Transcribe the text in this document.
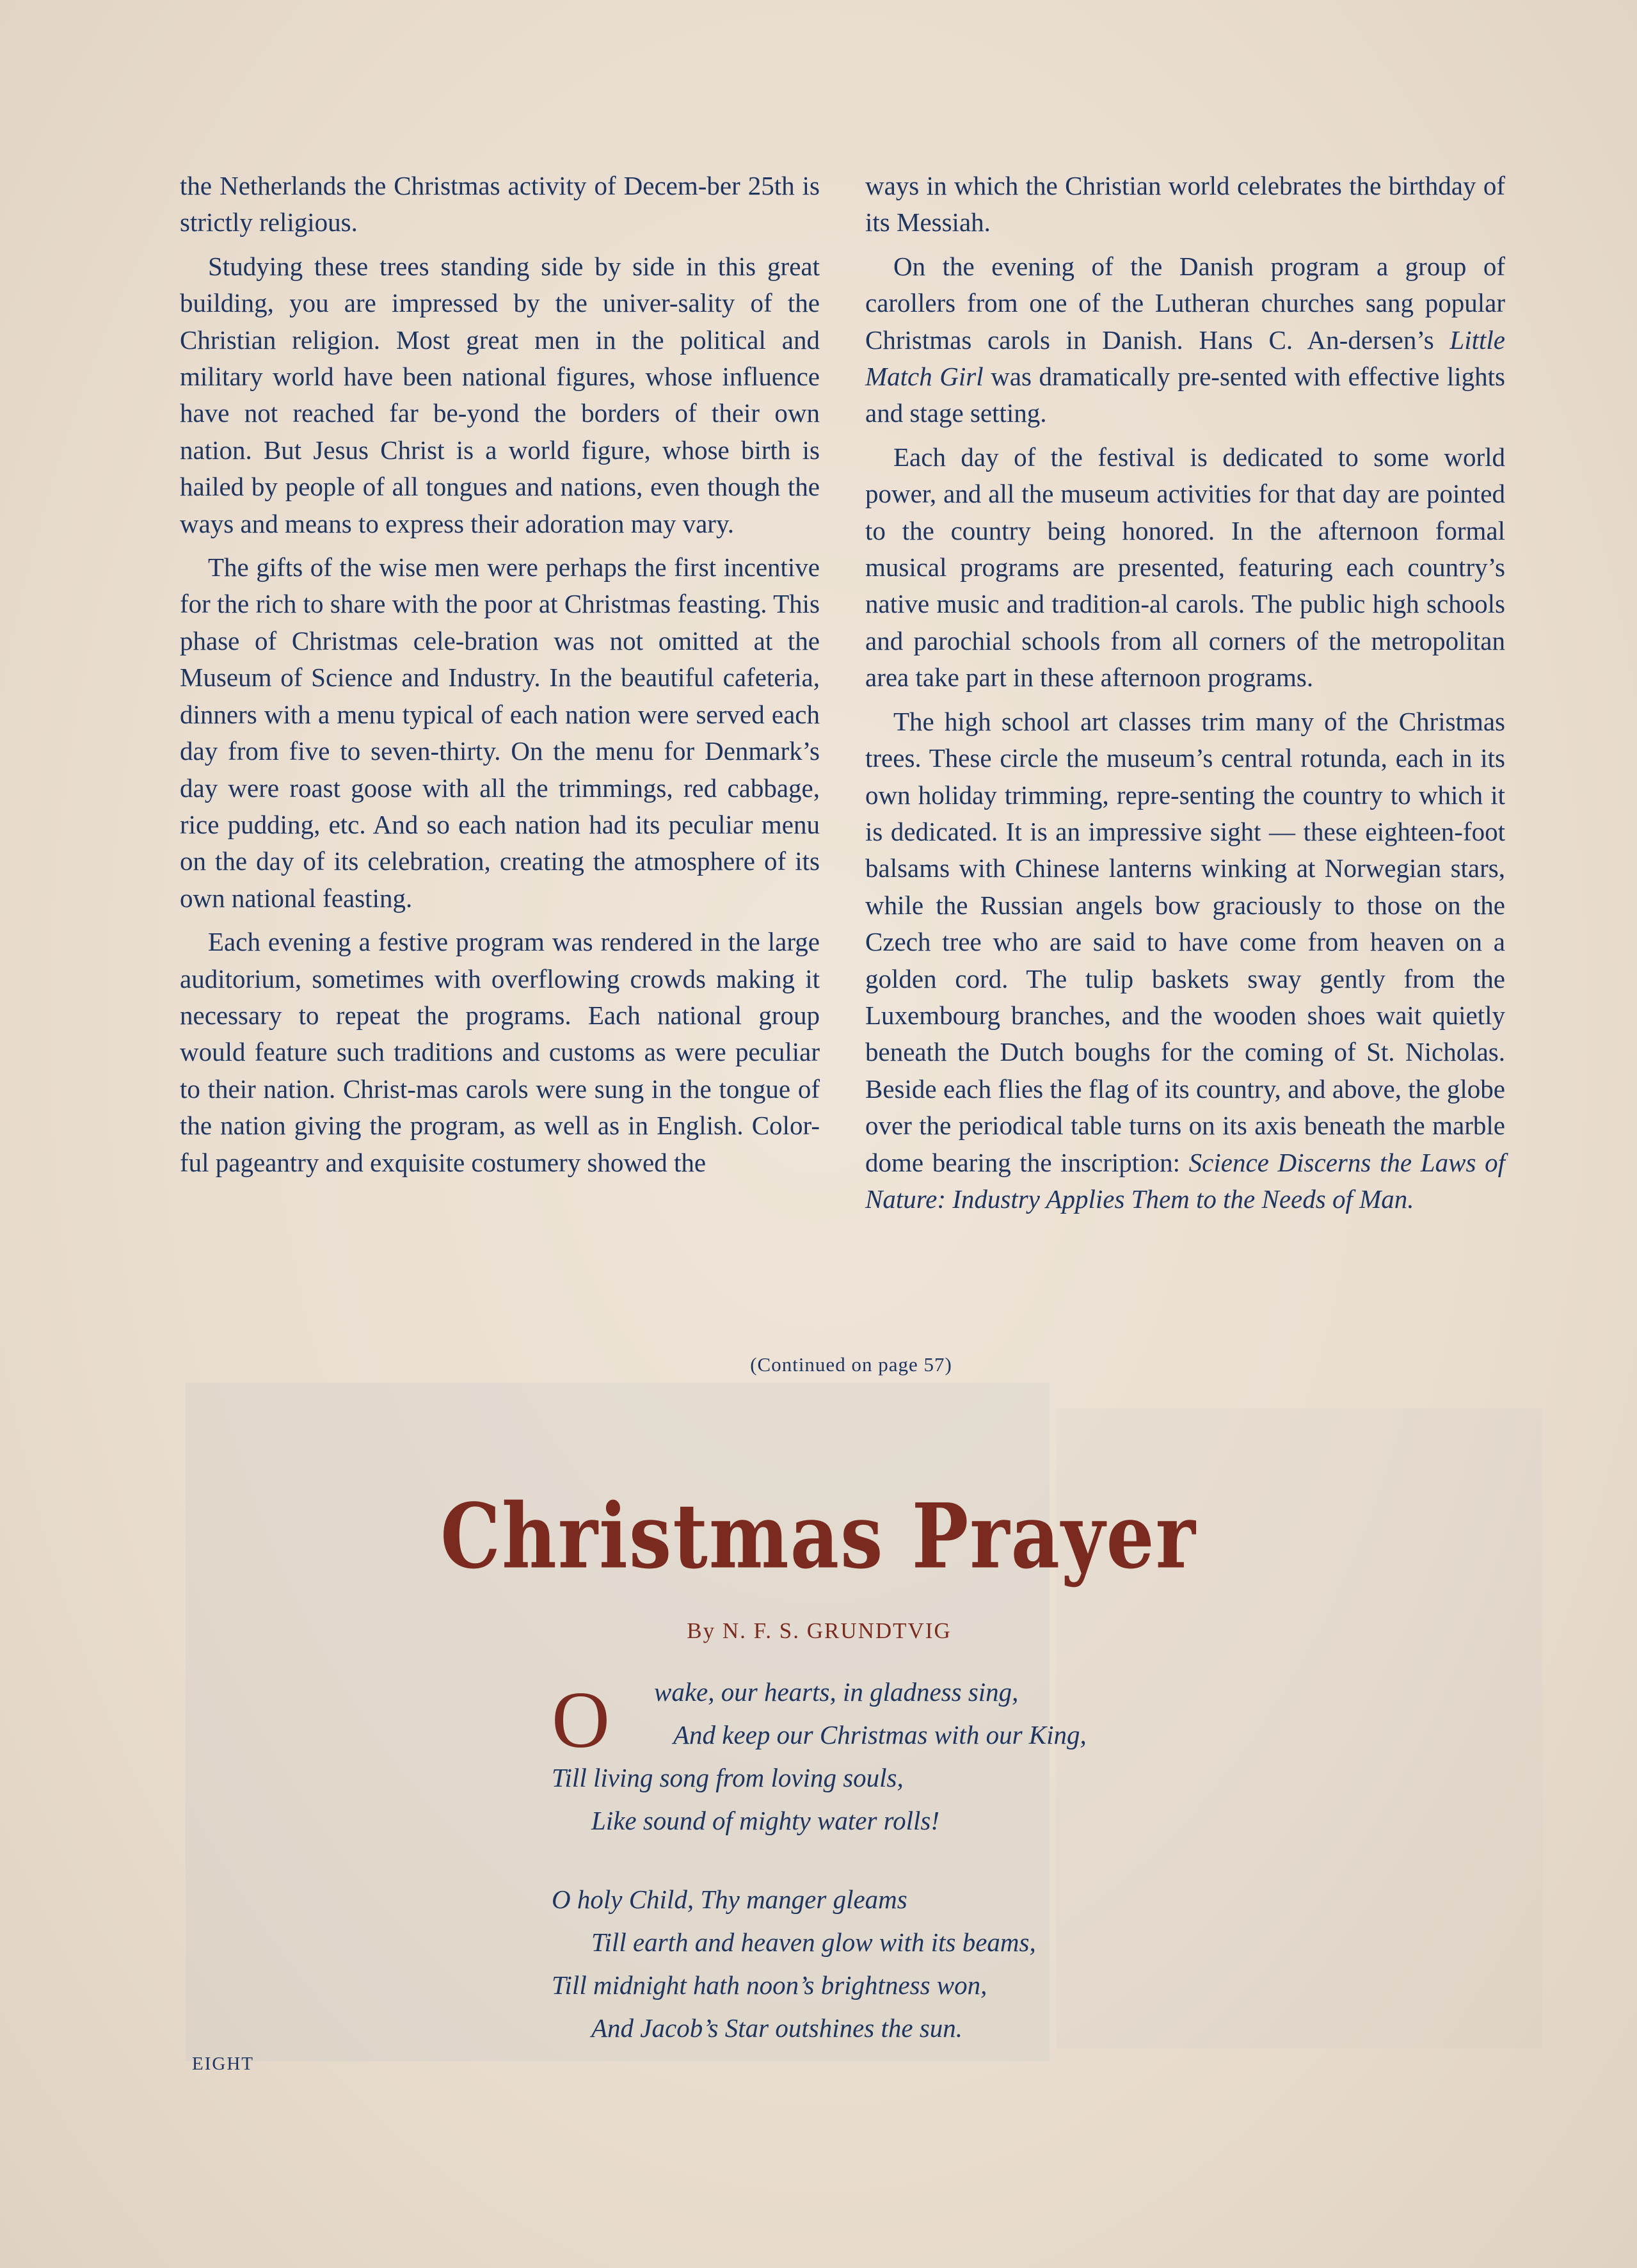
the Netherlands the Christmas activity of Decem-ber 25th is strictly religious.

Studying these trees standing side by side in this great building, you are impressed by the univer-sality of the Christian religion. Most great men in the political and military world have been national figures, whose influence have not reached far be-yond the borders of their own nation. But Jesus Christ is a world figure, whose birth is hailed by people of all tongues and nations, even though the ways and means to express their adoration may vary.

The gifts of the wise men were perhaps the first incentive for the rich to share with the poor at Christmas feasting. This phase of Christmas cele-bration was not omitted at the Museum of Science and Industry. In the beautiful cafeteria, dinners with a menu typical of each nation were served each day from five to seven-thirty. On the menu for Denmark’s day were roast goose with all the trimmings, red cabbage, rice pudding, etc. And so each nation had its peculiar menu on the day of its celebration, creating the atmosphere of its own national feasting.

Each evening a festive program was rendered in the large auditorium, sometimes with overflowing crowds making it necessary to repeat the programs. Each national group would feature such traditions and customs as were peculiar to their nation. Christ-mas carols were sung in the tongue of the nation giving the program, as well as in English. Color-ful pageantry and exquisite costumery showed the

ways in which the Christian world celebrates the birthday of its Messiah.

On the evening of the Danish program a group of carollers from one of the Lutheran churches sang popular Christmas carols in Danish. Hans C. An-dersen’s Little Match Girl was dramatically pre-sented with effective lights and stage setting.

Each day of the festival is dedicated to some world power, and all the museum activities for that day are pointed to the country being honored. In the afternoon formal musical programs are presented, featuring each country’s native music and tradition-al carols. The public high schools and parochial schools from all corners of the metropolitan area take part in these afternoon programs.

The high school art classes trim many of the Christmas trees. These circle the museum’s central rotunda, each in its own holiday trimming, repre-senting the country to which it is dedicated. It is an impressive sight — these eighteen-foot balsams with Chinese lanterns winking at Norwegian stars, while the Russian angels bow graciously to those on the Czech tree who are said to have come from heaven on a golden cord. The tulip baskets sway gently from the Luxembourg branches, and the wooden shoes wait quietly beneath the Dutch boughs for the coming of St. Nicholas. Beside each flies the flag of its country, and above, the globe over the periodical table turns on its axis beneath the marble dome bearing the inscription: Science Discerns the Laws of Nature: Industry Applies Them to the Needs of Man.

(Continued on page 57)
Christmas Prayer
By N. F. S. GRUNDTVIG
O	wake, our hearts, in gladness sing,
And keep our Christmas with our King,
Till living song from loving souls,
Like sound of mighty water rolls!
O holy Child, Thy manger gleams
Till earth and heaven glow with its beams,
Till midnight hath noon’s brightness won,
And Jacob’s Star outshines the sun.
EIGHT
